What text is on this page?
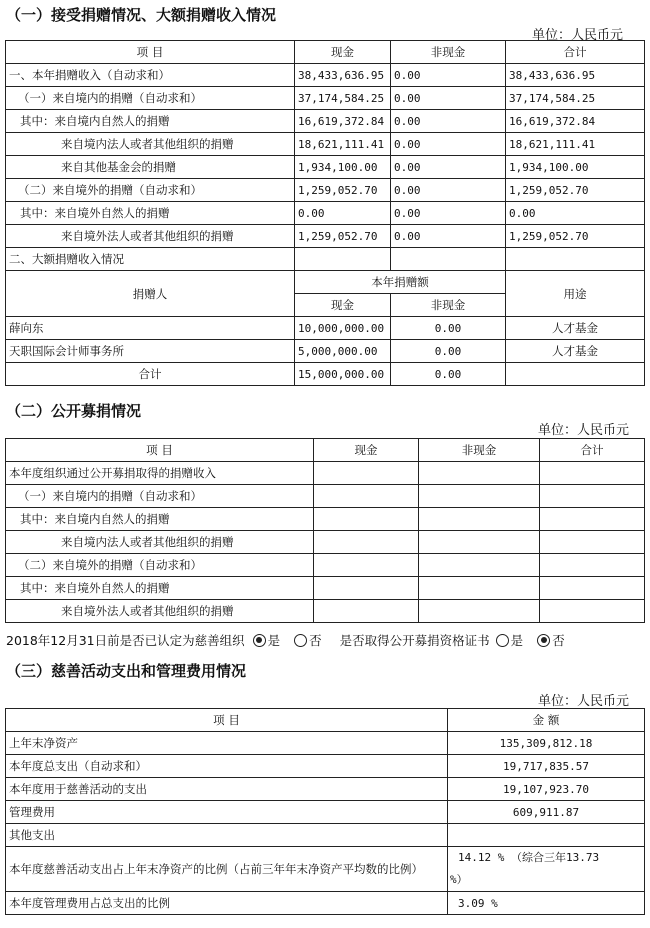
（一）接受捐赠情况、大额捐赠收入情况
单位：人民币元
项 目	现金	非现金	合计
一、本年捐赠收入（自动求和）	38,433,636.95	0.00	38,433,636.95
（一）来自境内的捐赠（自动求和）	37,174,584.25	0.00	37,174,584.25
其中：来自境内自然人的捐赠	16,619,372.84	0.00	16,619,372.84
来自境内法人或者其他组织的捐赠	18,621,111.41	0.00	18,621,111.41
来自其他基金会的捐赠	1,934,100.00	0.00	1,934,100.00
（二）来自境外的捐赠（自动求和）	1,259,052.70	0.00	1,259,052.70
其中：来自境外自然人的捐赠	0.00	0.00	0.00
来自境外法人或者其他组织的捐赠	1,259,052.70	0.00	1,259,052.70
二、大额捐赠收入情况			
捐赠人	本年捐赠额		用途
	现金	非现金	
薛向东	10,000,000.00	0.00	人才基金
天职国际会计师事务所	5,000,000.00	0.00	人才基金
合计	15,000,000.00	0.00	
（二）公开募捐情况
单位：人民币元
项 目	现金	非现金	合计
本年度组织通过公开募捐取得的捐赠收入			
（一）来自境内的捐赠（自动求和）			
其中：来自境内自然人的捐赠			
来自境内法人或者其他组织的捐赠			
（二）来自境外的捐赠（自动求和）			
其中：来自境外自然人的捐赠			
来自境外法人或者其他组织的捐赠			
2018年12月31日前是否已认定为慈善组织 是 否 是否取得公开募捐资格证书 是 否
（三）慈善活动支出和管理费用情况
单位：人民币元
项 目	金 额
上年末净资产	135,309,812.18
本年度总支出（自动求和）	19,717,835.57
本年度用于慈善活动的支出	19,107,923.70
管理费用	609,911.87
其他支出	
本年度慈善活动支出占上年末净资产的比例（占前三年年末净资产平均数的比例）	14.12 % （综合三年13.73
%）

本年度管理费用占总支出的比例	3.09 %
